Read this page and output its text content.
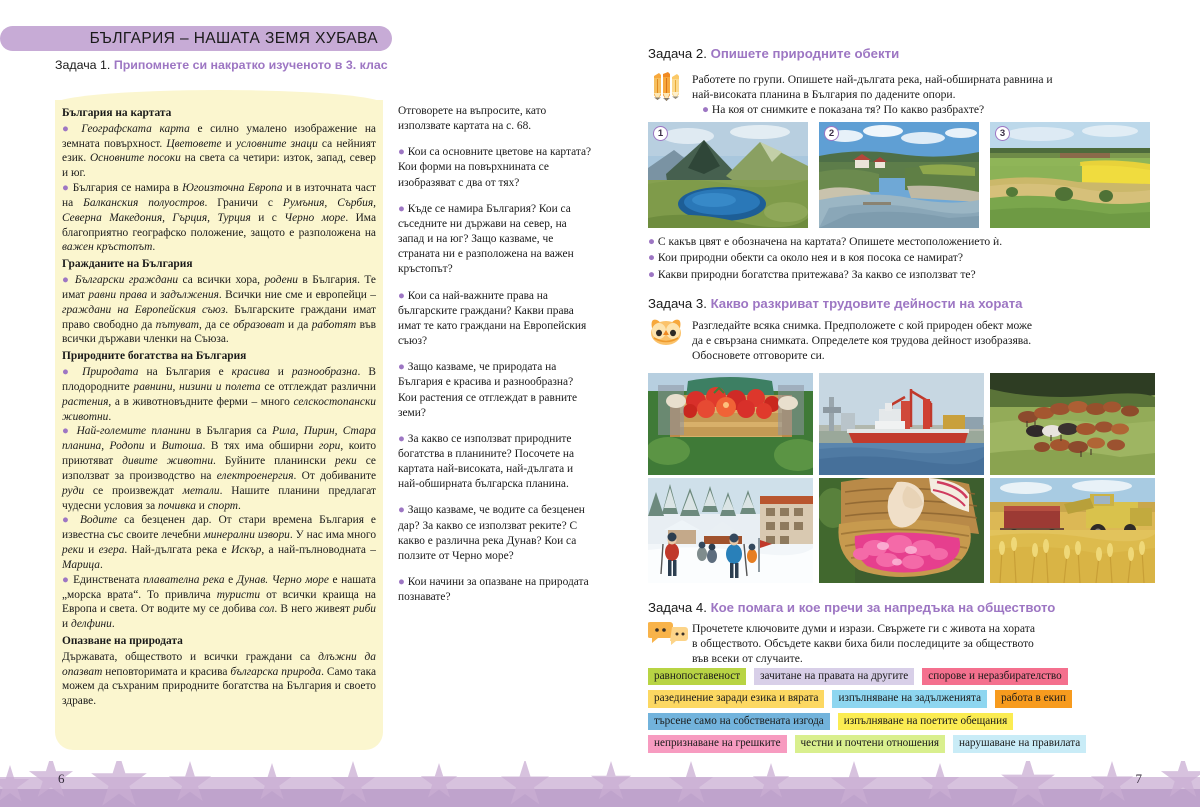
БЪЛГАРИЯ – НАШАТА ЗЕМЯ ХУБАВА
Задача 1. Припомнете си накратко изученото в 3. клас
България на картата
● Географската карта е силно умалено изображение на земната повърхност. Цветовете и условните знаци са нейният език. Основните посоки на света са четири: изток, запад, север и юг.
● България се намира в Югоизточна Европа и в източната част на Балканския полуостров. Граничи с Румъния, Сърбия, Северна Македония, Гърция, Турция и с Черно море. Има благоприятно географско положение, защото е разположена на важен кръстопът.
Гражданите на България
● Български граждани са всички хора, родени в България. Те имат равни права и задължения. Всички ние сме и европейци – граждани на Европейския съюз. Българските граждани имат право свободно да пътуват, да се образоват и да работят във всички държави членки на Съюза.
Природните богатства на България
● Природата на България е красива и разнообразна. В плодородните равнини, низини и полета се отглеждат различни растения, а в животновъдните ферми – много селскостопански животни.
● Най-големите планини в България са Рила, Пирин, Стара планина, Родопи и Витоша. В тях има обширни гори, които приютяват дивите животни. Буйните планински реки се използват за производство на електроенергия. От добиваните руди се произвеждат метали. Нашите планини предлагат чудесни условия за почивка и спорт.
● Водите са безценен дар. От стари времена България е известна със своите лечебни минерални извори. У нас има много реки и езера. Най-дългата река е Искър, а най-пълноводната – Марица.
● Единствената плавателна река е Дунав. Черно море е нашата „морска врата“. То привлича туристи от всички краища на Европа и света. От водите му се добива сол. В него живеят риби и делфини.
Опазване на природата
Държавата, обществото и всички граждани са длъжни да опазват неповторимата и красива българска природа. Само така можем да съхраним природните богатства на България и своето здраве.
Отговорете на въпросите, като използвате картата на с. 68.
● Кои са основните цветове на картата? Кои форми на повърхнината се изобразяват с два от тях?
● Къде се намира България? Кои са съседните ни държави на север, на запад и на юг? Защо казваме, че страната ни е разположена на важен кръстопът?
● Кои са най-важните права на българските граждани? Какви права имат те като граждани на Европейския съюз?
● Защо казваме, че природата на България е красива и разнообразна? Кои растения се отглеждат в равните земи?
● За какво се използват природните богатства в планините? Посочете на картата най-високата, най-дългата и най-обширната българска планина.
● Защо казваме, че водите са безценен дар? За какво се използват реките? С какво е различна река Дунав? Кои са ползите от Черно море?
● Кои начини за опазване на природата познавате?
Задача 2. Опишете природните обекти
Работете по групи. Опишете най-дългата река, най-обширната равнина и
най-високата планина в България по дадените опори.
● На коя от снимките е показана тя? По какво разбрахте?
1	2	3
● С какъв цвят е обозначена на картата? Опишете местоположението ѝ.
● Кои природни обекти са около нея и в коя посока се намират?
● Какви природни богатства притежава? За какво се използват те?
Задача 3. Какво разкриват трудовите дейности на хората
Разгледайте всяка снимка. Предположете с кой природен обект може
да е свързана снимката. Определете коя трудова дейност изобразява.
Обосновете отговорите си.
Задача 4. Кое помага и кое пречи за напредъка на обществото
Прочетете ключовите думи и изрази. Свържете ги с живота на хората
в обществото. Обсъдете какви биха били последиците за обществото
във всеки от случаите.
равнопоставеност	зачитане на правата на другите	спорове и неразбирателство
разединение заради езика и вярата	изпълняване на задълженията	работа в екип
търсене само на собствената изгода	изпълняване на поетите обещания
непризнаване на грешките	честни и почтени отношения	нарушаване на правилата
6	7
